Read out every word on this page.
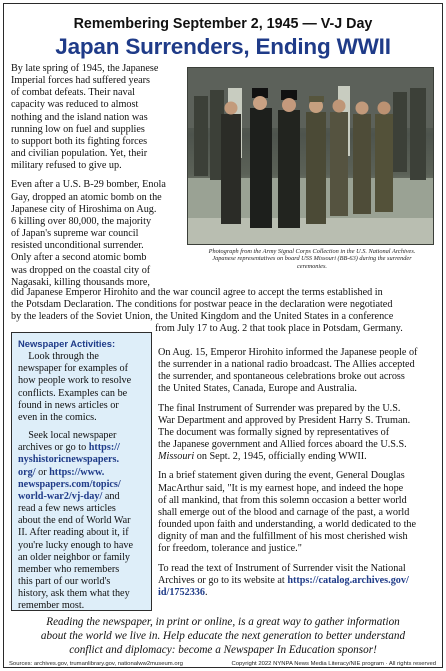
Remembering September 2, 1945 — V-J Day
Japan Surrenders, Ending WWII

By late spring of 1945, the Japanese
Imperial forces had suffered years
of combat defeats. Their naval
capacity was reduced to almost
nothing and the island nation was
running low on fuel and supplies
to support both its fighting forces
and civilian population. Yet, their
military refused to give up.

Even after a U.S. B-29 bomber, Enola
Gay, dropped an atomic bomb on the
Japanese city of Hiroshima on Aug.
6 killing over 80,000, the majority
of Japan's supreme war council
resisted unconditional surrender.
Only after a second atomic bomb
was dropped on the coastal city of
Nagasaki, killing thousands more,

Photograph from the Army Signal Corps Collection in the U.S. National Archives.
Japanese representatives on board USS Missouri (BB-63) during the surrender
ceremonies.
did Japanese Emperor Hirohito and the war council agree to accept the terms established in
the Potsdam Declaration. The conditions for postwar peace in the declaration were negotiated
by the leaders of the Soviet Union, the United Kingdom and the United States in a conference
from July 17 to Aug. 2 that took place in Potsdam, Germany.
Newspaper Activities:

Look through the
newspaper for examples of
how people work to resolve
conflicts. Examples can be
found in news articles or
even in the comics.

Seek local newspaper
archives or go to https://
nyshistoricnewspapers.
org/ or https://www.
newspapers.com/topics/
world-war2/vj-day/ and
read a few news articles
about the end of World War
II. After reading about it, if
you're lucky enough to have
an older neighbor or family
member who remembers
this part of our world's
history, ask them what they
remember most.

On Aug. 15, Emperor Hirohito informed the Japanese people of
the surrender in a national radio broadcast. The Allies accepted
the surrender, and spontaneous celebrations broke out across
the United States, Canada, Europe and Australia.

The final Instrument of Surrender was prepared by the U.S.
War Department and approved by President Harry S. Truman.
The document was formally signed by representatives of
the Japanese government and Allied forces aboard the U.S.S.
Missouri on Sept. 2, 1945, officially ending WWII.

In a brief statement given during the event, General Douglas
MacArthur said, "It is my earnest hope, and indeed the hope
of all mankind, that from this solemn occasion a better world
shall emerge out of the blood and carnage of the past, a world
founded upon faith and understanding, a world dedicated to the
dignity of man and the fulfillment of his most cherished wish
for freedom, tolerance and justice."

To read the text of Instrument of Surrender visit the National
Archives or go to its website at https://catalog.archives.gov/
id/1752336.

Reading the newspaper, in print or online, is a great way to gather information
about the world we live in. Help educate the next generation to better understand
conflict and diplomacy: become a Newspaper In Education sponsor!
Sources: archives.gov, trumanlibrary.gov, nationalww2museum.org	Copyright 2022 NYNPA News Media Literacy/NIE program · All rights reserved
